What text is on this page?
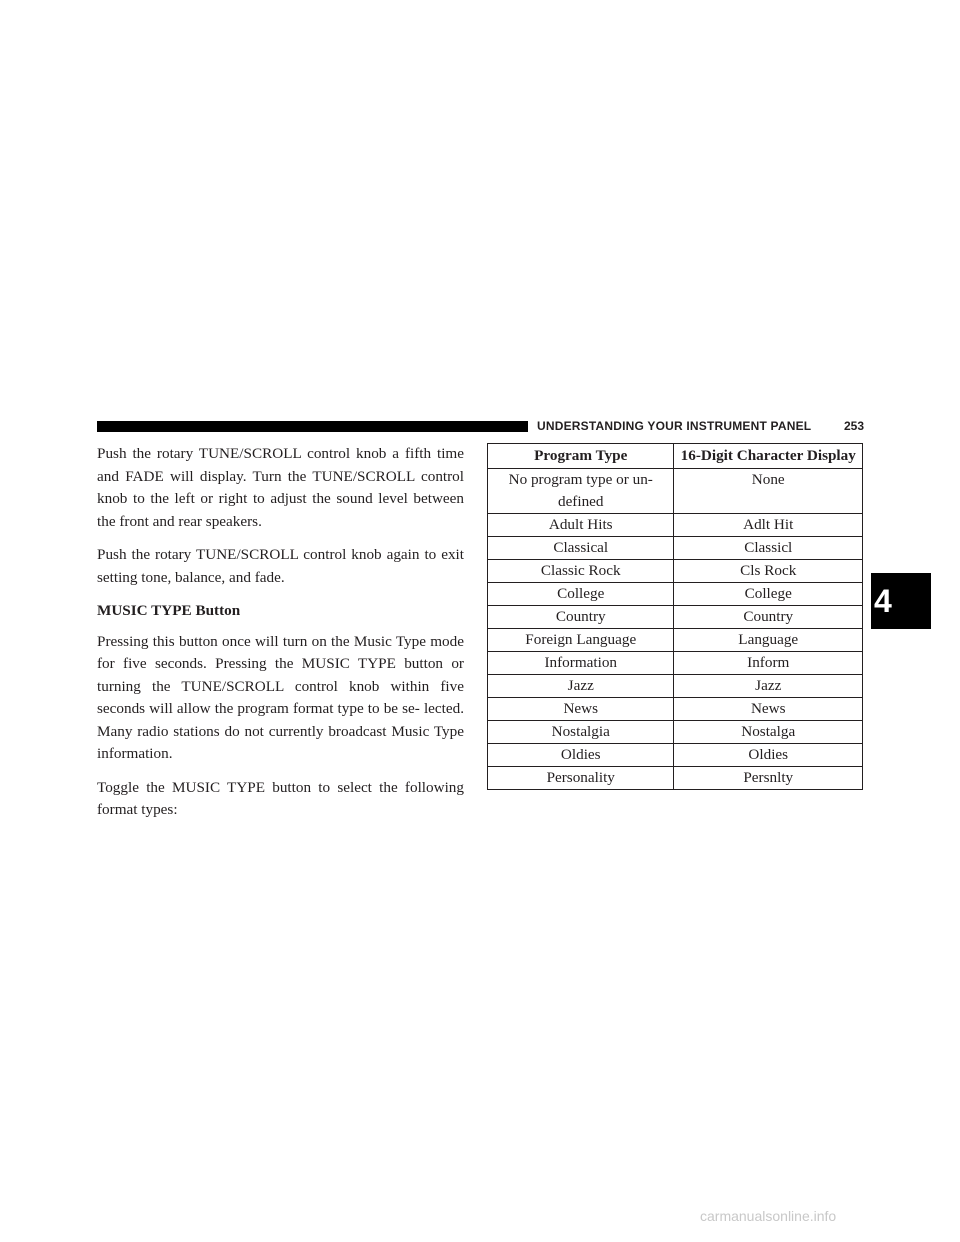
UNDERSTANDING YOUR INSTRUMENT PANEL	253
4

Push the rotary TUNE/SCROLL control knob a fifth time and FADE will display. Turn the TUNE/SCROLL control knob to the left or right to adjust the sound level between the front and rear speakers.

Push the rotary TUNE/SCROLL control knob again to exit setting tone, balance, and fade.

MUSIC TYPE Button

Pressing this button once will turn on the Music Type mode for five seconds. Pressing the MUSIC TYPE button or turning the TUNE/SCROLL control knob within five seconds will allow the program format type to be se- lected. Many radio stations do not currently broadcast Music Type information.

Toggle the MUSIC TYPE button to select the following format types:

Program Type	16-Digit Character Display
No program type or un- defined	None
Adult Hits	Adlt Hit
Classical	Classicl
Classic Rock	Cls Rock
College	College
Country	Country
Foreign Language	Language
Information	Inform
Jazz	Jazz
News	News
Nostalgia	Nostalga
Oldies	Oldies
Personality	Persnlty
carmanualsonline.info
